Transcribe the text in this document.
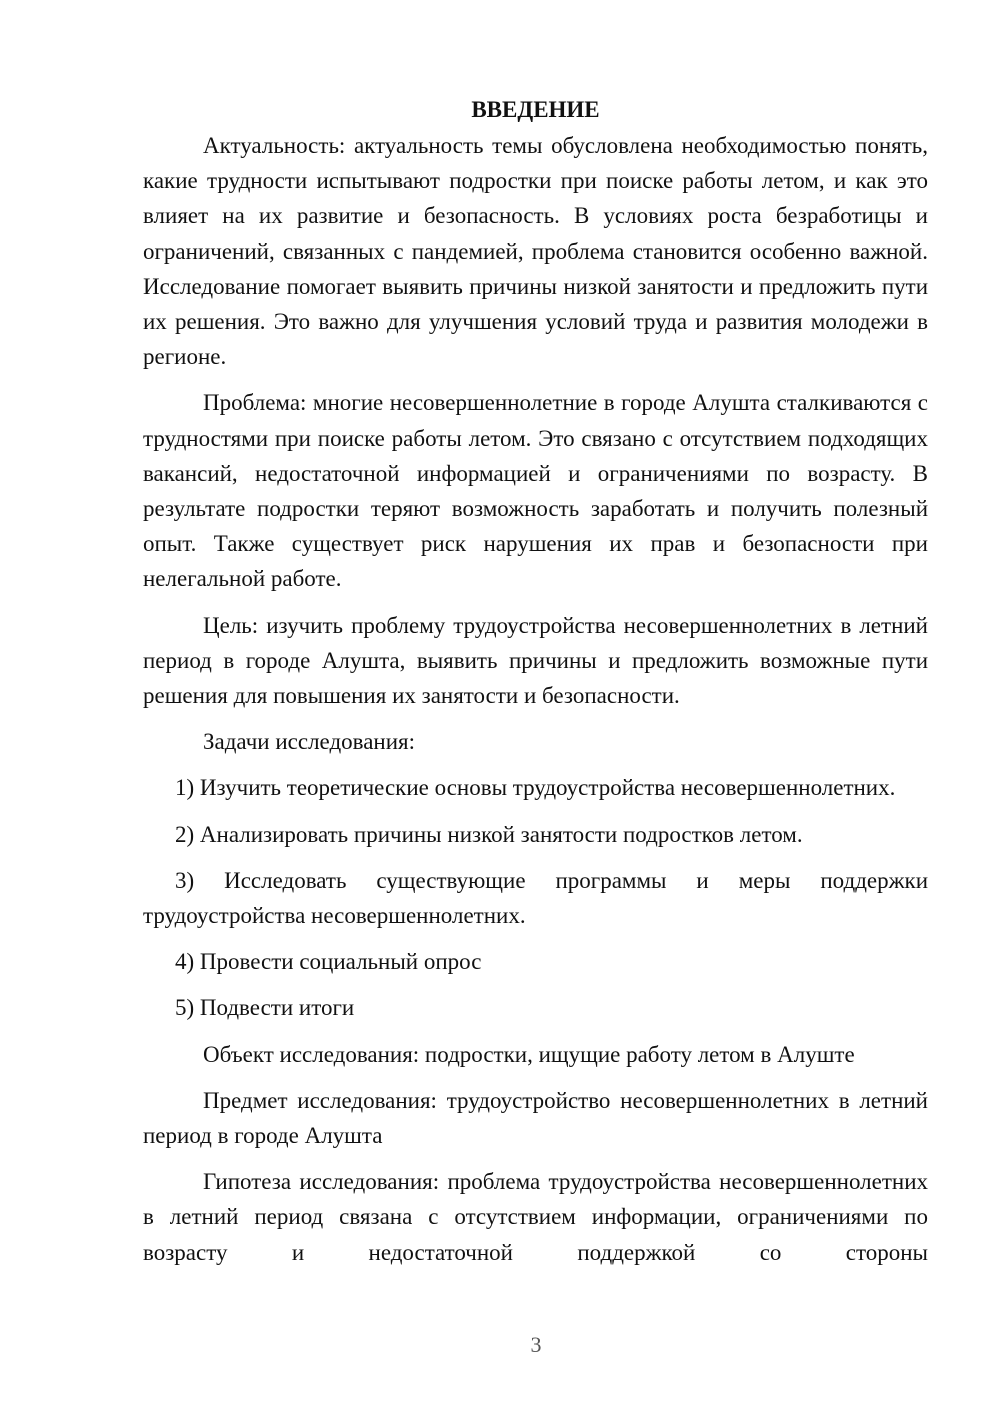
ВВЕДЕНИЕ

Актуальность: актуальность темы обусловлена необходимостью понять, какие трудности испытывают подростки при поиске работы летом, и как это влияет на их развитие и безопасность. В условиях роста безработицы и ограничений, связанных с пандемией, проблема становится особенно важной. Исследование помогает выявить причины низкой занятости и предложить пути их решения. Это важно для улучшения условий труда и развития молодежи в регионе.

Проблема: многие несовершеннолетние в городе Алушта сталкиваются с трудностями при поиске работы летом. Это связано с отсутствием подходящих вакансий, недостаточной информацией и ограничениями по возрасту. В результате подростки теряют возможность заработать и получить полезный опыт. Также существует риск нарушения их прав и безопасности при нелегальной работе.

Цель: изучить проблему трудоустройства несовершеннолетних в летний период в городе Алушта, выявить причины и предложить возможные пути решения для повышения их занятости и безопасности.

Задачи исследования:

1) Изучить теоретические основы трудоустройства несовершеннолетних.

2) Анализировать причины низкой занятости подростков летом.

3) Исследовать существующие программы и меры поддержки трудоустройства несовершеннолетних.

4) Провести социальный опрос

5) Подвести итоги

Объект исследования: подростки, ищущие работу летом в Алуште

Предмет исследования: трудоустройство несовершеннолетних в летний период в городе Алушта

Гипотеза исследования: проблема трудоустройства несовершеннолетних в летний период связана с отсутствием информации, ограничениями по возрасту и недостаточной поддержкой со стороны

3
